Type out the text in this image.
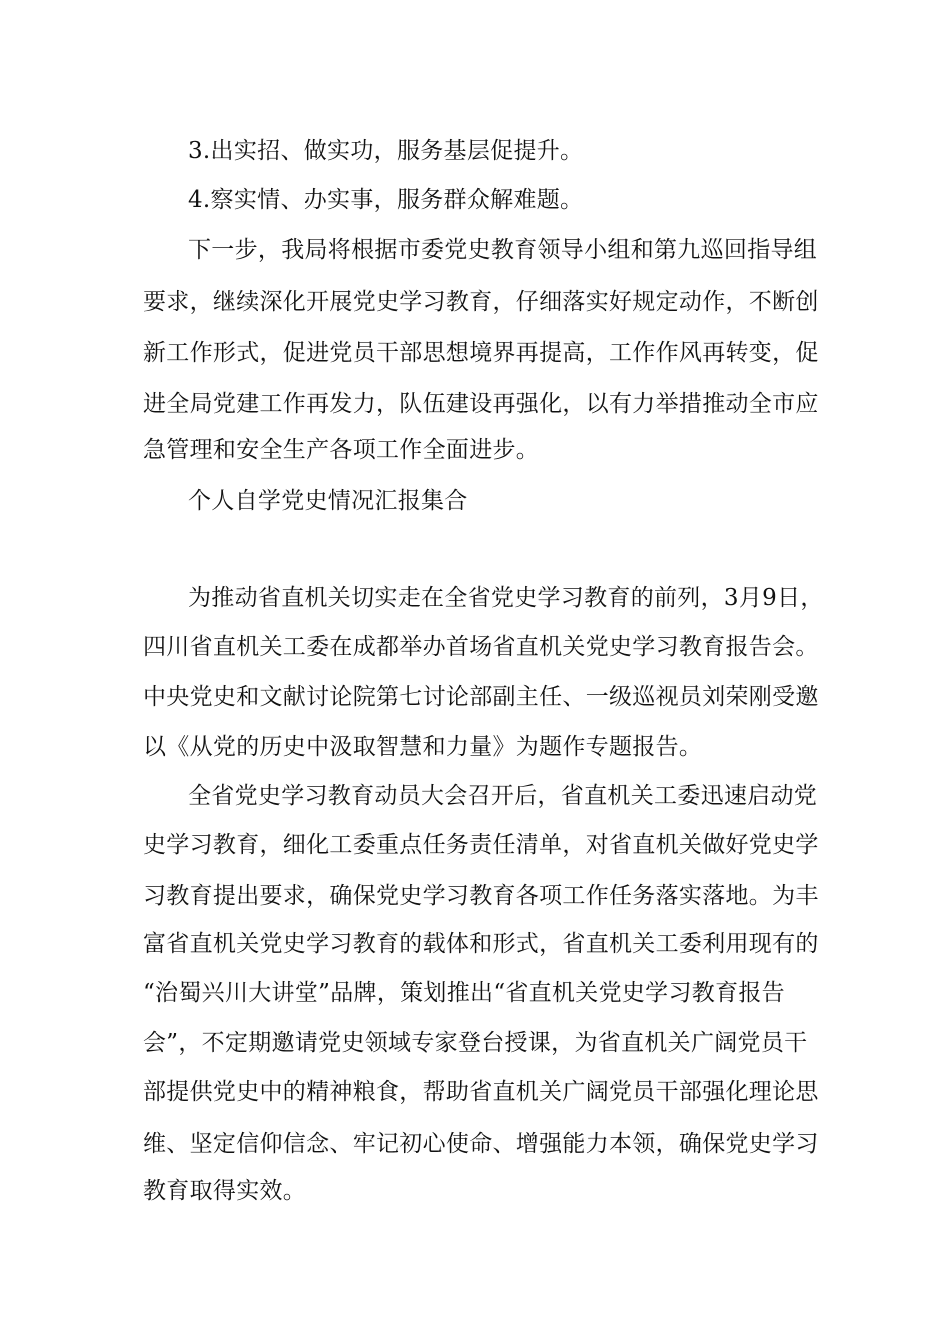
3.出实招、做实功，服务基层促提升。
4.察实情、办实事，服务群众解难题。
下一步，我局将根据市委党史教育领导小组和第九巡回指导组
要求，继续深化开展党史学习教育，仔细落实好规定动作，不断创
新工作形式，促进党员干部思想境界再提高，工作作风再转变，促
进全局党建工作再发力，队伍建设再强化，以有力举措推动全市应
急管理和安全生产各项工作全面进步。
个人自学党史情况汇报集合
为推动省直机关切实走在全省党史学习教育的前列，3月9日，
四川省直机关工委在成都举办首场省直机关党史学习教育报告会。
中央党史和文献讨论院第七讨论部副主任、一级巡视员刘荣刚受邀
以《从党的历史中汲取智慧和力量》为题作专题报告。
全省党史学习教育动员大会召开后，省直机关工委迅速启动党
史学习教育，细化工委重点任务责任清单，对省直机关做好党史学
习教育提出要求，确保党史学习教育各项工作任务落实落地。为丰
富省直机关党史学习教育的载体和形式，省直机关工委利用现有的
“治蜀兴川大讲堂”品牌，策划推出“省直机关党史学习教育报告
会”，不定期邀请党史领域专家登台授课，为省直机关广阔党员干
部提供党史中的精神粮食，帮助省直机关广阔党员干部强化理论思
维、坚定信仰信念、牢记初心使命、增强能力本领，确保党史学习
教育取得实效。
